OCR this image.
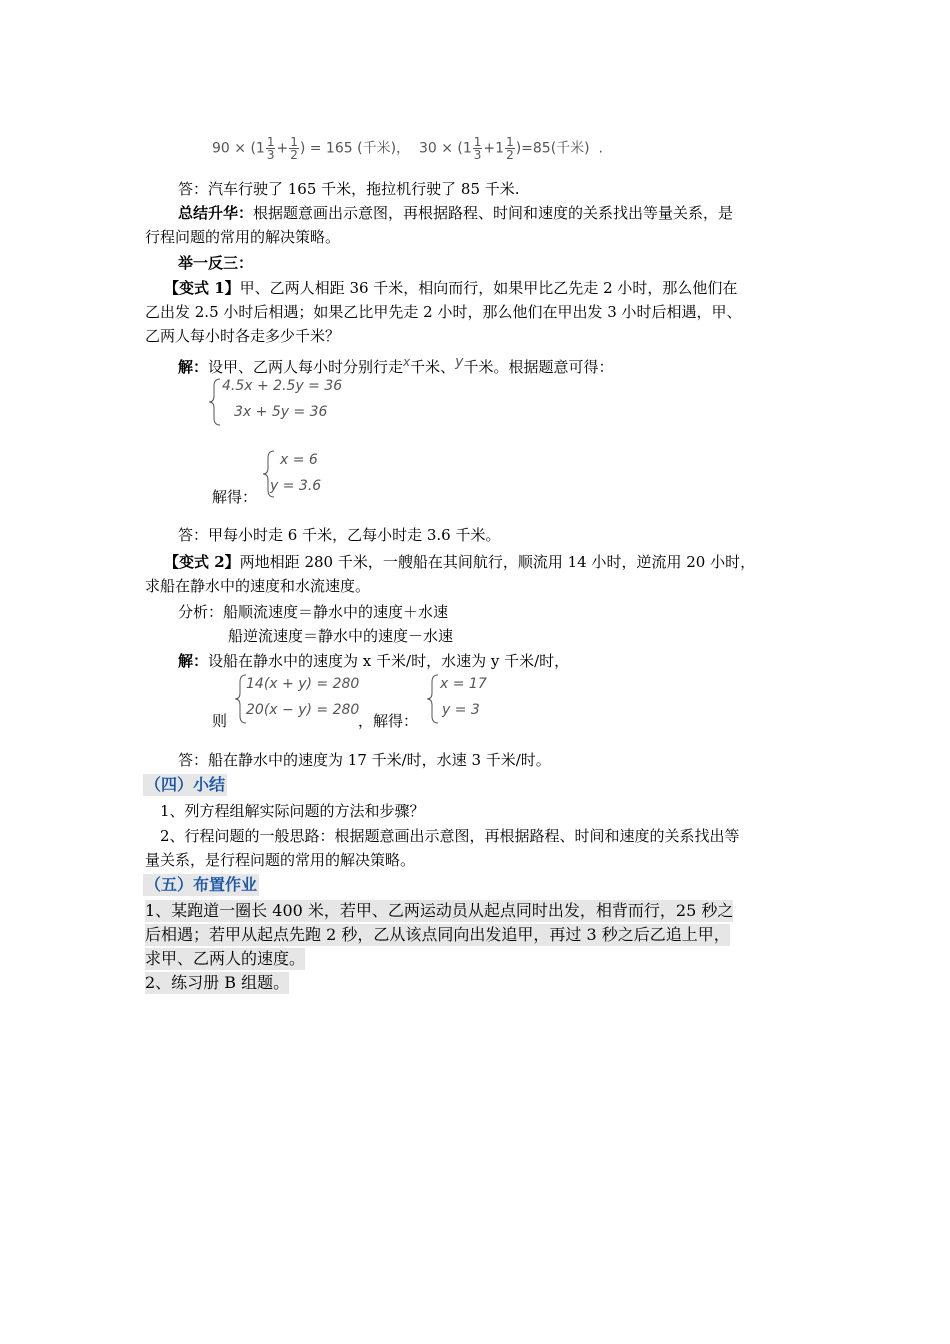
$90 \times (1 \frac{1}{3} + \frac{1}{2}$ ) = 165 (千米)， $30 \times (1 \frac{1}{3} +1 \frac{1}{2} )=85$(千米) .
答：汽车行驶了 165 千米，拖拉机行驶了 85 千米.
总结升华：根据题意画出示意图，再根据路程、时间和速度的关系找出等量关系，是
行程问题的常用的解决策略。
举一反三：
【变式 1】甲、乙两人相距 36 千米，相向而行，如果甲比乙先走 2 小时，那么他们在
乙出发 2.5 小时后相遇；如果乙比甲先走 2 小时，那么他们在甲出发 3 小时后相遇，甲、
乙两人每小时各走多少千米？
解：设甲、乙两人每小时分别行走$^x$千米、y千米。根据题意可得：
4.5x + 2.5y = 36
3x + 5y = 36
解得：
x = 6
y = 3.6
答：甲每小时走 6 千米，乙每小时走 3.6 千米。
【变式 2】两地相距 280 千米，一艘船在其间航行，顺流用 14 小时，逆流用 20 小时，
求船在静水中的速度和水流速度。
分析：船顺流速度＝静水中的速度＋水速
船逆流速度＝静水中的速度－水速
解：设船在静水中的速度为 x 千米/时，水速为 y 千米/时，
14(x + y) = 280
20(x − y) = 280
则	，解得：
x = 17
y = 3
答：船在静水中的速度为 17 千米/时，水速 3 千米/时。
（四）小结
1、列方程组解实际问题的方法和步骤？
2、行程问题的一般思路：根据题意画出示意图，再根据路程、时间和速度的关系找出等
量关系，是行程问题的常用的解决策略。
（五）布置作业
1、某跑道一圈长 400 米，若甲、乙两运动员从起点同时出发，相背而行，25 秒之
后相遇；若甲从起点先跑 2 秒，乙从该点同向出发追甲，再过 3 秒之后乙追上甲，
求甲、乙两人的速度。
2、练习册 B 组题。
